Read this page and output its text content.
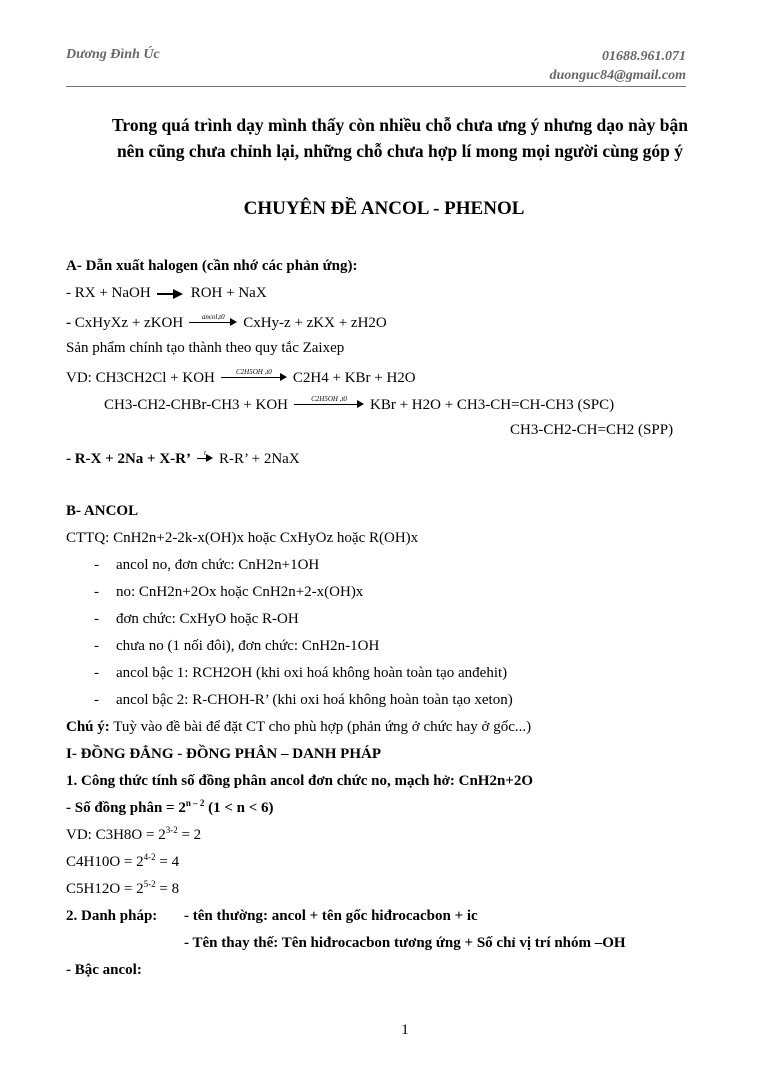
Dương Đình Úc	01688.961.071
duonguc84@gmail.com
Trong quá trình dạy mình thấy còn nhiều chỗ chưa ưng ý nhưng dạo này bận
nên cũng chưa chỉnh lại, những chỗ chưa hợp lí mong mọi người cùng góp ý
CHUYÊN ĐỀ ANCOL - PHENOL
A- Dẫn xuất halogen (cần nhớ các phản ứng):
- RX + NaOH	ROH + NaX
- CxHyXz + zKOH	ancol,t0	CxHy-z + zKX + zH2O
Sản phẩm chính tạo thành theo quy tắc Zaixep
VD: CH3CH2Cl + KOH	C2H5OH ,t0	C2H4 + KBr + H2O
CH3-CH2-CHBr-CH3 + KOH	C2H5OH ,t0	KBr + H2O + CH3-CH=CH-CH3 (SPC)
CH3-CH2-CH=CH2 (SPP)
- R-X + 2Na + X-R’	t R-R’ + 2NaX
B- ANCOL
CTTQ: CnH2n+2-2k-x(OH)x hoặc CxHyOz hoặc R(OH)x
- ancol no, đơn chức: CnH2n+1OH
- no: CnH2n+2Ox hoặc CnH2n+2-x(OH)x
- đơn chức: CxHyO hoặc R-OH
- chưa no (1 nối đôi), đơn chức: CnH2n-1OH
- ancol bậc 1: RCH2OH (khi oxi hoá không hoàn toàn tạo anđehit)
- ancol bậc 2: R-CHOH-R’ (khi oxi hoá không hoàn toàn tạo xeton)
Chú ý: Tuỳ vào đề bài để đặt CT cho phù hợp (phản ứng ở chức hay ở gốc...)
I- ĐỒNG ĐẲNG - ĐỒNG PHÂN – DANH PHÁP
1. Công thức tính số đồng phân ancol đơn chức no, mạch hở: CnH2n+2O
- Số đồng phân = $2^{n - 2}$ (1 < n < 6)
VD: $C3H8O = 2^{3-2} = 2$
$C4H10O = 2^{4-2} = 4$
$C5H12O = 2^{5-2} = 8$
2. Danh pháp: - tên thường: ancol + tên gốc hiđrocacbon + ic
- Tên thay thế: Tên hiđrocacbon tương ứng + Số chỉ vị trí nhóm –OH
- Bậc ancol:
1
